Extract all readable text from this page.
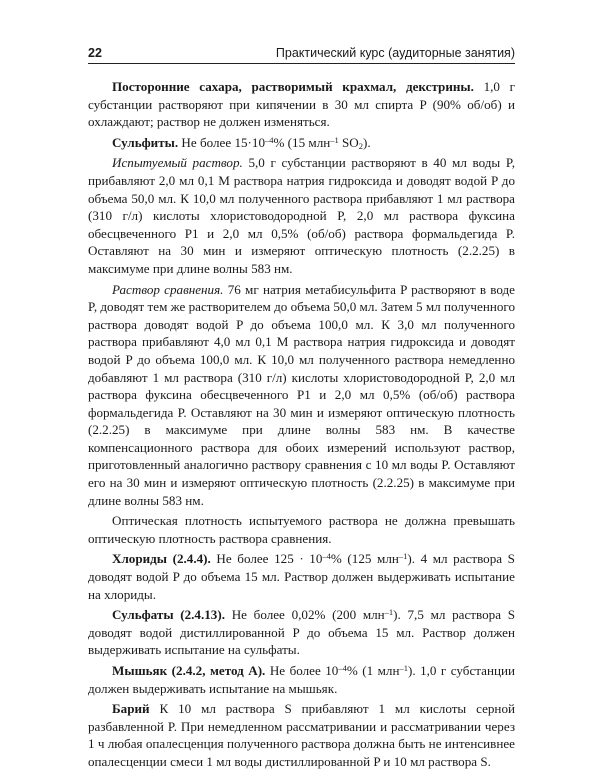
22	Практический курс (аудиторные занятия)

Посторонние сахара, растворимый крахмал, декстрины. 1,0 г субстанции растворяют при кипячении в 30 мл спирта P (90% об/об) и охлаждают; раствор не должен изменяться.

Сульфиты. Не более $15\cdot 10^{-4}\%$ (15 млн$^{-1}$ $SO_2$).

Испытуемый раствор. 5,0 г субстанции растворяют в 40 мл воды P, прибавляют 2,0 мл 0,1 М раствора натрия гидроксида и доводят водой P до объема 50,0 мл. К 10,0 мл полученного раствора прибавляют 1 мл раствора (310 г/л) кислоты хлористоводородной P, 2,0 мл раствора фуксина обесцвеченного P1 и 2,0 мл 0,5% (об/об) раствора формальдегида P. Оставляют на 30 мин и измеряют оптическую плотность (2.2.25) в максимуме при длине волны 583 нм.

Раствор сравнения. 76 мг натрия метабисульфита P растворяют в воде P, доводят тем же растворителем до объема 50,0 мл. Затем 5 мл полученного раствора доводят водой P до объема 100,0 мл. К 3,0 мл полученного раствора прибавляют 4,0 мл 0,1 М раствора натрия гидроксида и доводят водой P до объема 100,0 мл. К 10,0 мл полученного раствора немедленно добавляют 1 мл раствора (310 г/л) кислоты хлористоводородной P, 2,0 мл раствора фуксина обесцвеченного P1 и 2,0 мл 0,5% (об/об) раствора формальдегида P. Оставляют на 30 мин и измеряют оптическую плотность (2.2.25) в максимуме при длине волны 583 нм. В качестве компенсационного раствора для обоих измерений используют раствор, приготовленный аналогично раствору сравнения с 10 мл воды P. Оставляют его на 30 мин и измеряют оптическую плотность (2.2.25) в максимуме при длине волны 583 нм.

Оптическая плотность испытуемого раствора не должна превышать оптическую плотность раствора сравнения.

Хлориды (2.4.4). Не более $125 \cdot 10^{-4}\%$ (125 млн$^{-1}$). 4 мл раствора S доводят водой P до объема 15 мл. Раствор должен выдерживать испытание на хлориды.

Сульфаты (2.4.13). Не более 0,02% (200 млн$^{-1}$). 7,5 мл раствора S доводят водой дистиллированной P до объема 15 мл. Раствор должен выдерживать испытание на сульфаты.

Мышьяк (2.4.2, метод А). Не более $10^{-4}\%$ (1 млн$^{-1}$). 1,0 г субстанции должен выдерживать испытание на мышьяк.

Барий К 10 мл раствора S прибавляют 1 мл кислоты серной разбавленной P. При немедленном рассматривании и рассматривании через 1 ч любая опалесценция полученного раствора должна быть не интенсивнее опалесценции смеси 1 мл воды дистиллированной P и 10 мл раствора S.
